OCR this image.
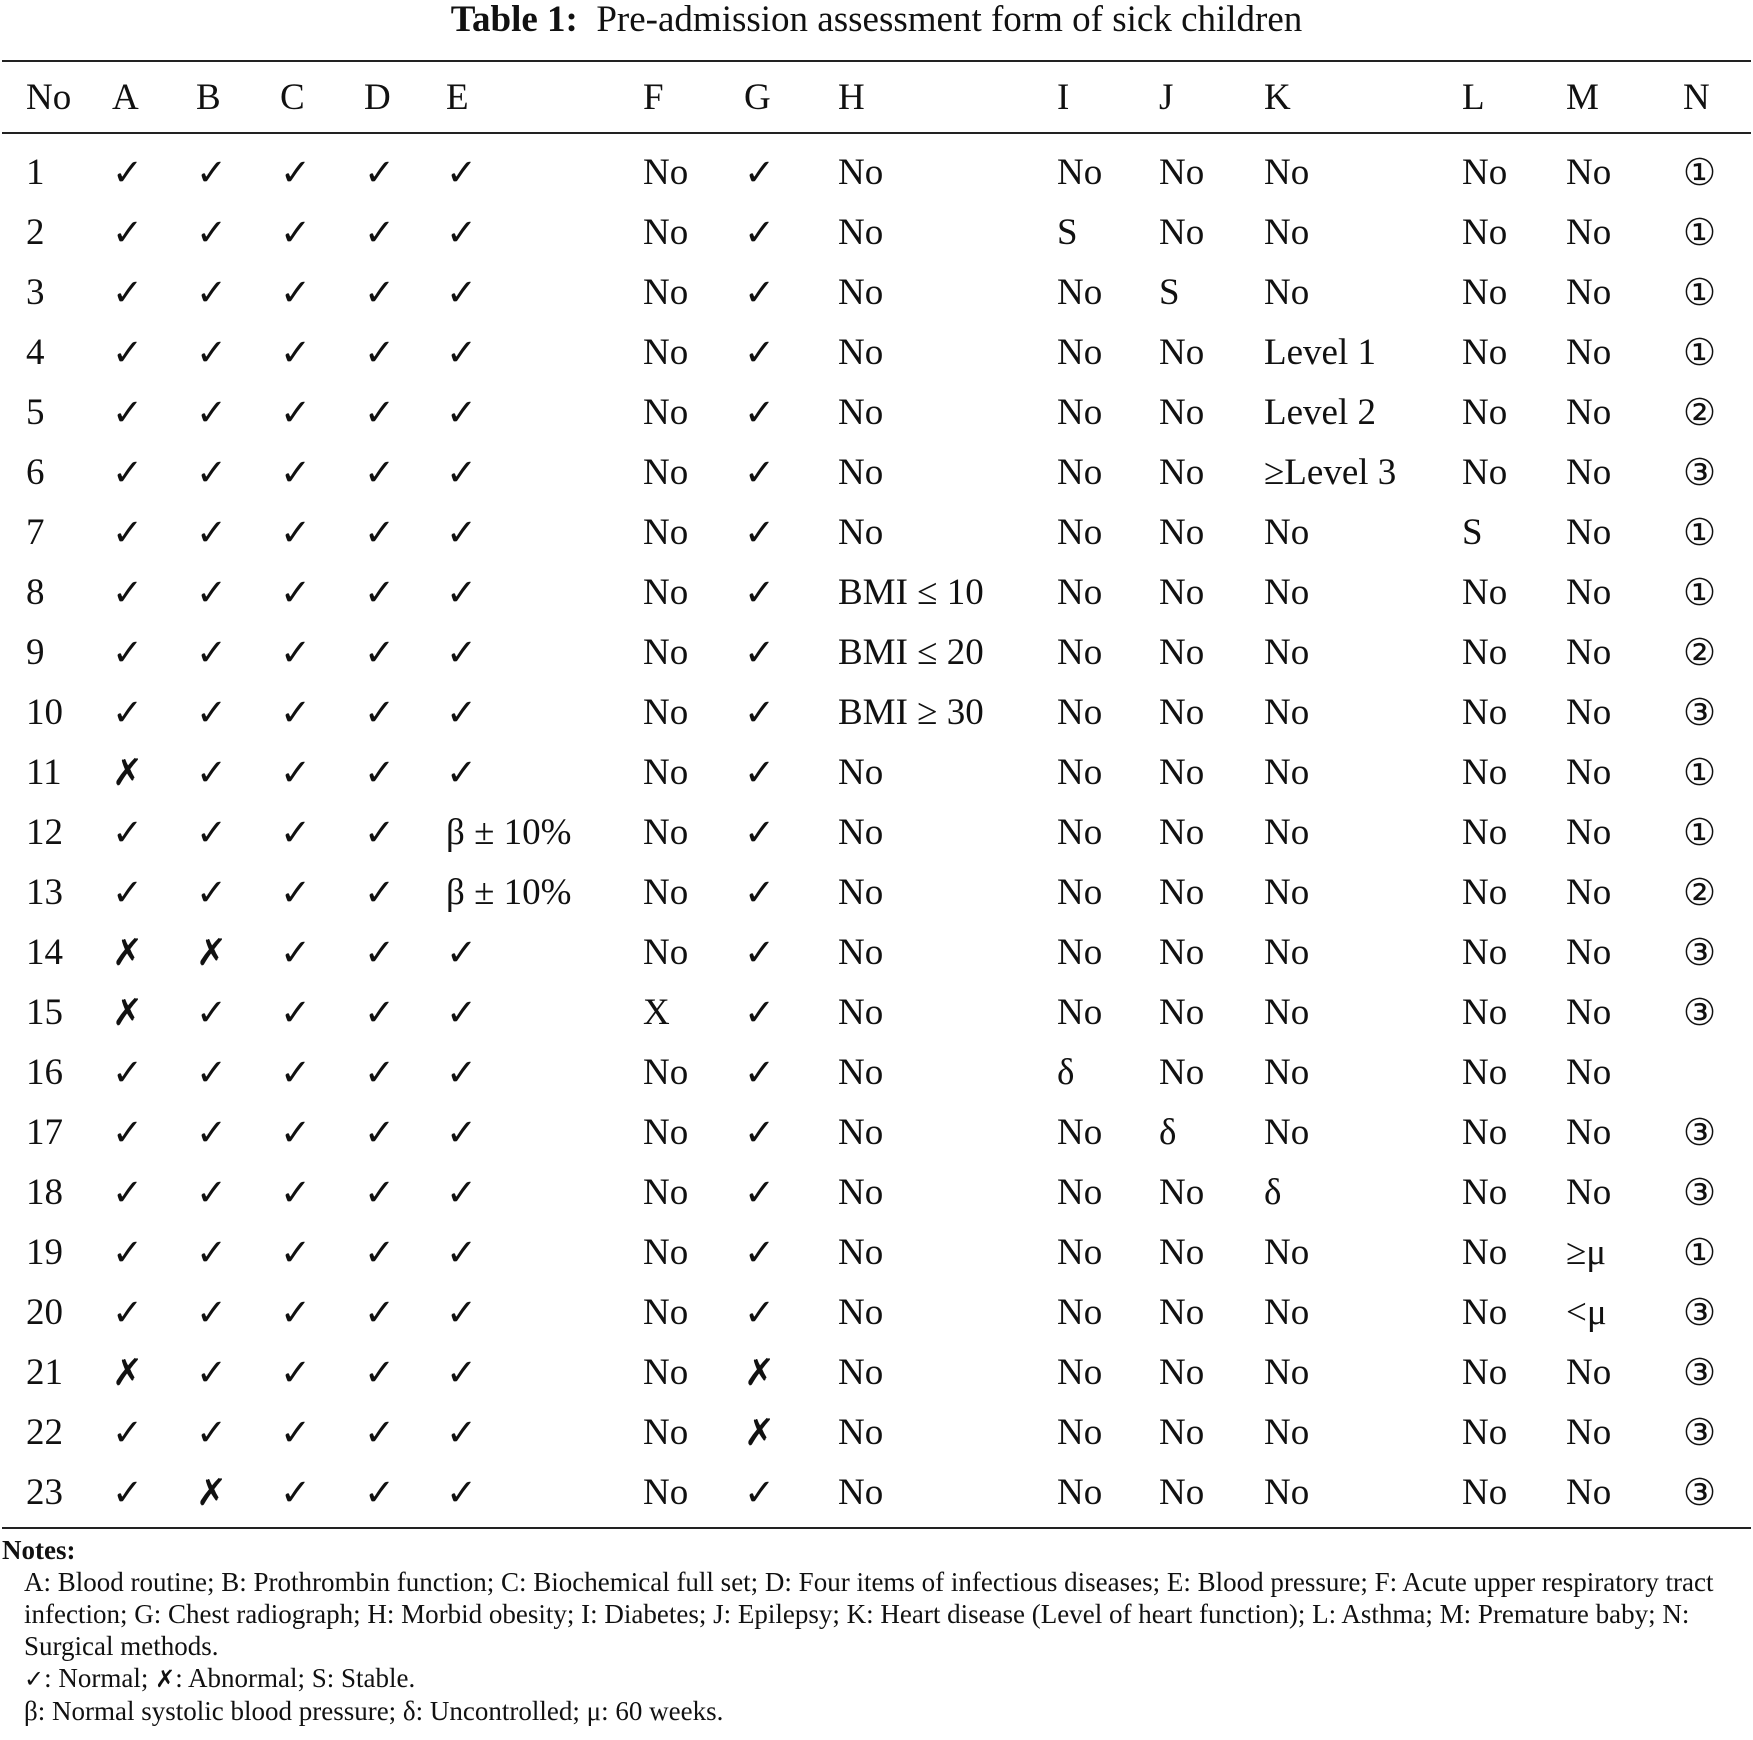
Table 1: Pre-admission assessment form of sick children
No	A	B	C	D	E	F	G	H	I	J	K	L	M	N
1	✓	✓	✓	✓	✓	No	✓	No	No	No	No	No	No	①
2	✓	✓	✓	✓	✓	No	✓	No	S	No	No	No	No	①
3	✓	✓	✓	✓	✓	No	✓	No	No	S	No	No	No	①
4	✓	✓	✓	✓	✓	No	✓	No	No	No	Level 1	No	No	①
5	✓	✓	✓	✓	✓	No	✓	No	No	No	Level 2	No	No	②
6	✓	✓	✓	✓	✓	No	✓	No	No	No	≥Level 3	No	No	③
7	✓	✓	✓	✓	✓	No	✓	No	No	No	No	S	No	①
8	✓	✓	✓	✓	✓	No	✓	BMI ≤ 10	No	No	No	No	No	①
9	✓	✓	✓	✓	✓	No	✓	BMI ≤ 20	No	No	No	No	No	②
10	✓	✓	✓	✓	✓	No	✓	BMI ≥ 30	No	No	No	No	No	③
11	✗	✓	✓	✓	✓	No	✓	No	No	No	No	No	No	①
12	✓	✓	✓	✓	β ± 10%	No	✓	No	No	No	No	No	No	①
13	✓	✓	✓	✓	β ± 10%	No	✓	No	No	No	No	No	No	②
14	✗	✗	✓	✓	✓	No	✓	No	No	No	No	No	No	③
15	✗	✓	✓	✓	✓	X	✓	No	No	No	No	No	No	③
16	✓	✓	✓	✓	✓	No	✓	No	δ	No	No	No	No	
17	✓	✓	✓	✓	✓	No	✓	No	No	δ	No	No	No	③
18	✓	✓	✓	✓	✓	No	✓	No	No	No	δ	No	No	③
19	✓	✓	✓	✓	✓	No	✓	No	No	No	No	No	≥μ	①
20	✓	✓	✓	✓	✓	No	✓	No	No	No	No	No	<μ	③
21	✗	✓	✓	✓	✓	No	✗	No	No	No	No	No	No	③
22	✓	✓	✓	✓	✓	No	✗	No	No	No	No	No	No	③
23	✓	✗	✓	✓	✓	No	✓	No	No	No	No	No	No	③
Notes:
A: Blood routine; B: Prothrombin function; C: Biochemical full set; D: Four items of infectious diseases; E: Blood pressure; F: Acute upper respiratory tract infection; G: Chest radiograph; H: Morbid obesity; I: Diabetes; J: Epilepsy; K: Heart disease (Level of heart function); L: Asthma; M: Premature baby; N: Surgical methods.
✓: Normal; ✗: Abnormal; S: Stable.
β: Normal systolic blood pressure; δ: Uncontrolled; μ: 60 weeks.
